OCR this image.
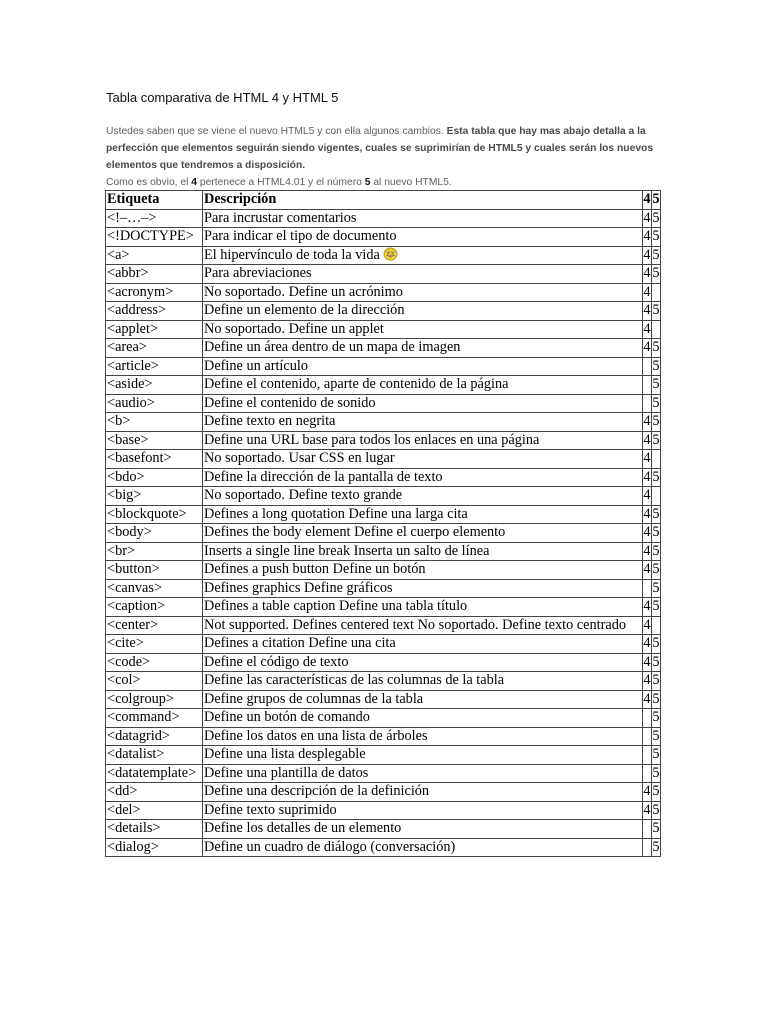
Tabla comparativa de HTML 4 y HTML 5

Ustedes saben que se viene el nuevo HTML5 y con ella algunos cambios. Esta tabla que hay mas abajo detalla a la perfección que elementos seguirán siendo vigentes, cuales se suprimirían de HTML5 y cuales serán los nuevos elementos que tendremos a disposición.

Como es obvio, el 4 pertenece a HTML4.01 y el número 5 al nuevo HTML5.

Etiqueta	Descripción	4	5
<!–…–>	Para incrustar comentarios	4	5
<!DOCTYPE>	Para indicar el tipo de documento	4	5
<a>	El hipervínculo de toda la vida	4	5
<abbr>	Para abreviaciones	4	5
<acronym>	No soportado. Define un acrónimo	4	
<address>	Define un elemento de la dirección	4	5
<applet>	No soportado. Define un applet	4	
<area>	Define un área dentro de un mapa de imagen	4	5
<article>	Define un artículo		5
<aside>	Define el contenido, aparte de contenido de la página		5
<audio>	Define el contenido de sonido		5
<b>	Define texto en negrita	4	5
<base>	Define una URL base para todos los enlaces en una página	4	5
<basefont>	No soportado. Usar CSS en lugar	4	
<bdo>	Define la dirección de la pantalla de texto	4	5
<big>	No soportado. Define texto grande	4	
<blockquote>	Defines a long quotation Define una larga cita	4	5
<body>	Defines the body element Define el cuerpo elemento	4	5
<br>	Inserts a single line break Inserta un salto de línea	4	5
<button>	Defines a push button Define un botón	4	5
<canvas>	Defines graphics Define gráficos		5
<caption>	Defines a table caption Define una tabla título	4	5
<center>	Not supported. Defines centered text No soportado. Define texto centrado	4	
<cite>	Defines a citation Define una cita	4	5
<code>	Define el código de texto	4	5
<col>	Define las características de las columnas de la tabla	4	5
<colgroup>	Define grupos de columnas de la tabla	4	5
<command>	Define un botón de comando		5
<datagrid>	Define los datos en una lista de árboles		5
<datalist>	Define una lista desplegable		5
<datatemplate>	Define una plantilla de datos		5
<dd>	Define una descripción de la definición	4	5
<del>	Define texto suprimido	4	5
<details>	Define los detalles de un elemento		5
<dialog>	Define un cuadro de diálogo (conversación)		5
